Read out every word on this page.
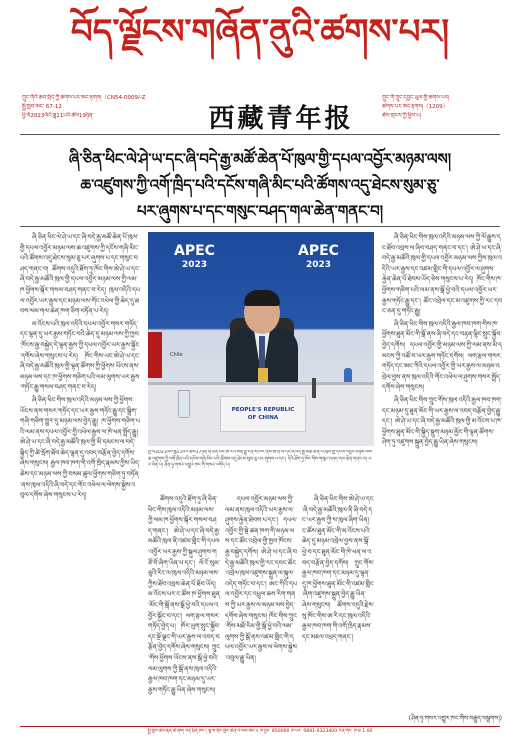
བོད་ལྗོངས་གཞོན་ནུའི་ཚགས་པར།
ཀྲུང་གོའི་ཆབ་སྲིད་ཀྱི་ཚགས་པར་ཨང་རྟགས།（CN54-0009/-Z
སྤྱི་ཁྱབ་ཨང་ 67-12
ཕྱི་ལོ2023ལོའི་ཟླ11པའི་ཚེས19ཉིན་	西藏青年报
ཀྲུང་གོ་ཀྲུང་དབྱང་ཡུལ་གྱི་ཚགས་པར།
ཚགས་པར་ཨང་རྟགས།（1209）
ཚེས་གྲངས་ཀྱི་ཕྱིས་པ།
ཞི་ཅིན་ཕིང་ལེ་ཤེ་ཡ་དང་ཞི་བདེ་རྒྱ་མཚོ་ཆེན་པོ་ཁུལ་གྱི་དཔལ་འབྱོར་མཉམ་ལས།
ཆ་འཛུགས་ཀྱི་འགོ་ཁྲིད་པའི་དངོས་གཞི་མིང་པའི་ཚོགས་འདུ་ཐེངས་སུམ་ཅུ་
པར་ཞུགས་པ་དང་གསུང་བཤད་གལ་ཆེན་གནང་བ།

ཞི་ཅིན་ཕིང་ལེ་ཤེ་ཡ་དང་ཞི་བདེ་རྒྱ་མཚོ་ཆེན་པོ་ཁུལ་གྱི་དཔལ་འབྱོར་མཉམ་ལས་ཆ་འཛུགས་ཀྱི་དངོས་གཞི་མིང་པའི་ཚོགས་འདུ་ཐེངས་སུམ་ཅུ་པར་ཞུགས་པ་དང་གསུང་བཤད་གནང་བ། ཚོགས་འདུའི་ཐོག་ཏུ་ཁོང་གིས་ཨེ་ཤེ་ཡ་དང་ཞི་བདེ་རྒྱ་མཚོའི་ཁུལ་གྱི་དཔལ་འབྱོར་མཉམ་ལས་ཀྱི་ལམ་ཁ་ཕྱོགས་སྐོར་གསལ་བཤད་གནང་བ་རེད། ཁུལ་འདིའི་དཔལ་འབྱོར་ཡར་རྒྱས་དང་མཉམ་ལས་གོང་འཕེལ་གྱི་ཆེད་དུ་ཐབས་ལམ་གལ་ཆེན་ཁག་ཅིག་བཏོན་པ་རེད།

མ་འོངས་པའི་ཁུལ་འདིའི་དཔལ་འབྱོར་གསར་གཏོད་དང་ལྷན་དུ་ཡར་རྒྱས་གཏོང་བའི་ཆེད་དུ་མཉམ་ལས་ཀྱི་ཁྱབ་ཁོངས་རྒྱ་བསྐྱེད་དེ་ལྷན་རྒྱས་ཀྱི་དཔལ་འབྱོར་ཡར་རྒྱས་སྐྱོང་དགོས་ཞེས་གསུངས་པ་རེད། ཁོང་གིས་ཡང་ཨེ་ཤེ་ཡ་དང་ཞི་བདེ་རྒྱ་མཚོའི་ཁུལ་གྱི་ལྷན་ཚོགས་ཀྱི་ཕྱོགས་ཡོངས་ནས་མཉམ་ལས་དང་ཁ་ཕྱོགས་གཅིག་པའི་ལམ་ལུགས་ཡར་རྒྱས་གཏོང་རྒྱུ་གསལ་བཤད་གནང་བ་རེད།

ཞི་ཅིན་ཕིང་གིས་ཁུལ་འདིའི་མཉམ་ལས་ཀྱི་ཕྱོགས་ཡོངས་ནས་གསར་གཏོད་དང་ཡར་རྒྱས་གཏོང་རྒྱུ་དང་སྒྲིག་གཞི་གཅིག་གྱུར་དུ་མཉམ་ལས་བྱེད་རྒྱུ། ཁ་ཕྱོགས་གཅིག་པའི་ལམ་ནས་དཔལ་འབྱོར་གྱི་འཕེལ་རྒྱས་ལ་ཁེ་ཕན་སྤྲོད་རྒྱུ། ཨེ་ཤེ་ཡ་དང་ཞི་བདེ་རྒྱ་མཚོའི་ཁུལ་གྱི་མི་དམངས་ལ་བདེ་སྐྱིད་ཀྱི་ཚེ་སྲོག་ཐོབ་ཆེད་ལྷན་དུ་འབད་བརྩོན་བྱེད་དགོས་ཞེས་གསུངས། རྒྱལ་ཁབ་ཁག་གི་འགོ་ཁྲིད་རྣམས་ཀྱིས་ཡིད་ཆེས་དང་མཉམ་ལས་ཀྱི་བསམ་ཚུལ་ཕྱོགས་གཅིག་ཏུ་བཏོན་ནས་ཁུལ་འདིའི་ཞི་བདེ་དང་གོང་འཕེལ་ལ་ལེགས་སྐྱེས་འབུལ་དགོས་ཞེས་གསུངས་པ་རེད།

APEC
2023
APEC
2023
Chile
PEOPLE'S REPUBLIC
OF CHINA
ཕྱི་ལོ2023ལོའི་ཟླ11པའི་ཚེས17ཉིན་ཞི་ཅིན་ཕིང་ཨ་རིའི་སན་ཧྥུ་རན་སི་ཁོར་ནས་ཨེ་ཤེ་ཡ་དང་ཞི་བདེ་རྒྱ་མཚོ་ཆེན་པོ་ཁུལ་གྱི་དཔལ་འབྱོར་མཉམ་ལས་ཆ་འཛུགས་ཀྱི་འགོ་ཁྲིད་པའི་དངོས་གཞི་མིང་པའི་ཚོགས་འདུ་ཐེངས་སུམ་ཅུ་པར་ཞུགས་པ་དང་། དེའི་ཐོག་ཏུ་ཁོང་གིས་གསུང་བཤད་གལ་ཆེན་གནང་བ། པར་ལེན་པ། ཤིན་ཧྭ་གསར་འགྱུར་ཁང་གི་གསར་འགོད་པ།

ཞི་ཅིན་ཕིང་གིས་ཁུལ་འདིའི་མཉམ་ལས་ཀྱི་ལོ་རྒྱུས་དང་ཐོབ་འབྲས་ལ་ཞིབ་བཤད་གནང་བ་དང་། ཨེ་ཤེ་ཡ་དང་ཞི་བདེ་རྒྱ་མཚོའི་ཁུལ་གྱི་དཔལ་འབྱོར་མཉམ་ལས་ཀྱིས་ཁུལ་འདིའི་ཡར་རྒྱས་དང་འཛམ་གླིང་གི་དཔལ་འབྱོར་ལ་ཤུགས་རྐྱེན་ཆེན་པོ་ཐེབས་ཡོད་ཅེས་གསུངས་པ་རེད། ཁོང་གིས་ཁ་ཕྱོགས་གཅིག་པའི་ལམ་ནས་སྒོ་ཕྱེ་བའི་དཔལ་འབྱོར་ཡར་རྒྱས་གཏོང་རྒྱུ་དང་། ཚོང་འབྲེལ་དང་མ་འཛུགས་ཀྱི་རང་དབང་ཅན་དུ་གཏོང་རྒྱུ།

ཞི་ཅིན་ཕིང་གིས་ཁུལ་འདིའི་རྒྱལ་ཁབ་ཁག་གིས་ཁ་ཕྱོགས་ཐུན་མོང་གི་སྒོ་ནས་ཞི་བདེ་དང་བརྟན་ལྷིང་སྲུང་སྐྱོབ་བྱེད་དགོས། དཔལ་འབྱོར་གྱི་མཉམ་ལས་ཀྱི་ལམ་ནས་མི་དམངས་ཀྱི་འཚོ་བ་ཡར་རྒྱས་གཏོང་དགོས། ལག་རྩལ་གསར་གཏོད་དང་ཨང་ཀིའི་དཔལ་འབྱོར་གྱི་ཡར་རྒྱས་ལ་མཉམ་འབྲེལ་བྱས་ནས་ཁུལ་འདིའི་གོང་འཕེལ་ལ་ཤུགས་གསར་སྤྲོད་དགོས་ཞེས་གསུངས།

ཞི་ཅིན་ཕིང་གིས་ཀྲུང་གོས་ཁུལ་འདིའི་རྒྱལ་ཁབ་ཁག་དང་མཉམ་དུ་ཐུན་མོང་གི་ཡར་རྒྱས་ལ་འབད་བརྩོན་བྱེད་རྒྱུ་དང་། ཨེ་ཤེ་ཡ་དང་ཞི་བདེ་རྒྱ་མཚོའི་ཁུལ་གྱི་མ་འོངས་པ་ཁ་ཕྱོགས་ཐུན་མོང་གི་སྐྱིད་སྡུག་མཉམ་མྱོང་གི་ལྷན་ཚོགས་ཤིག་ཏུ་འཛུགས་སྐྲུན་བྱེད་རྒྱུ་ཡིན་ཞེས་གསུངས།

ཚོགས་འདུའི་ཐོག་ཏུ་ཞི་ཅིན་ཕིང་གིས་ཁུལ་འདིའི་མཉམ་ལས་ཀྱི་ལམ་ཁ་ཕྱོགས་སྐོར་གསལ་བཤད་གནང་། ཨེ་ཤེ་ཡ་དང་ཞི་བདེ་རྒྱ་མཚོའི་ཁུལ་ནི་འཛམ་གླིང་གི་དཔལ་འབྱོར་ཡར་རྒྱས་ཀྱི་སྐུལ་ཤུགས་གཙོ་བོ་ཞིག་ཡིན་པ་དང་། ལོ་ངོ་སུམ་ཅུའི་རིང་ལ་ཁུལ་འདིའི་མཉམ་ལས་ཀྱིས་ཐོབ་འབྲས་ཆེན་པོ་ཐོབ་ཡོད། མ་འོངས་པར་ང་ཚོས་ཁ་ཕྱོགས་ཐུན་མོང་གི་སྒོ་ནས་སྒོ་ཕྱེ་བའི་དཔལ་འབྱོར་སྐྱོང་བ་དང་། ལག་རྩལ་གསར་གཏོད་བྱེད་པ། ཁོར་ཡུག་སྲུང་སྐྱོབ་དང་སྔོ་ལྗང་གི་ཡར་རྒྱས་ལ་འབད་བརྩོན་བྱེད་དགོས་ཞེས་གསུངས། ཀྲུང་གོས་ཕྱོགས་ཡོངས་ནས་སྒོ་ཕྱེ་བའི་ལམ་ལུགས་ཀྱི་སྒོ་ནས་ཁུལ་འདིའི་རྒྱལ་ཁབ་ཁག་དང་མཉམ་དུ་ཡར་རྒྱས་གཏོང་རྒྱུ་ཡིན་ཞེས་གསུངས།

དཔལ་འབྱོར་མཉམ་ལས་ཀྱི་ལམ་ནས་ཁུལ་འདིའི་ཡར་རྒྱས་ལ་ཤུགས་རྐྱེན་ཐེབས་པ་དང་། དཔལ་འབྱོར་གྱི་སྡེ་ཚན་ཁག་གི་མཉམ་ལས་དང་ཚོང་འབྲེལ་གྱི་ཁྱབ་ཁོངས་རྒྱ་བསྐྱེད་དགོས། ཨེ་ཤེ་ཡ་དང་ཞི་བདེ་རྒྱ་མཚོའི་ཁུལ་གྱི་རང་དབང་ཚོང་འབྲེལ་ཁུལ་འཛུགས་སྐྲུན་ལ་སྐུལ་འདེད་གཏོང་བ་དང་། ཨང་ཀིའི་དཔལ་འབྱོར་དང་འཕྲུལ་ཆས་རིག་གནས་ཀྱི་ཡར་རྒྱས་ལ་མཉམ་ལས་བྱེད་དགོས་ཞེས་གསུངས། ཁོང་གིས་ཀྲུང་གོས་མཐོ་རིམ་གྱི་སྒོ་ཕྱེ་བའི་ལམ་ལུགས་ཀྱི་སྒོ་ནས་འཛམ་གླིང་གི་དཔལ་འབྱོར་ཡར་རྒྱས་ལ་ལེགས་སྐྱེས་འབུལ་རྒྱུ་ཡིན།

ཞི་ཅིན་ཕིང་གིས་ཨེ་ཤེ་ཡ་དང་ཞི་བདེ་རྒྱ་མཚོའི་ཁུལ་ནི་ཞི་བདེ་དང་ཡར་རྒྱས་ཀྱི་ས་ཁུལ་ཞིག་ཡིན། ང་ཚོས་ཐུན་མོང་གི་མ་འོངས་པའི་ཆེད་དུ་མཉམ་འབྲེལ་བྱས་ནས་སྒོ་ཕྱེ་བ་དང་ཐུན་མོང་གི་ཁེ་ཕན་ལ་འབད་བརྩོན་བྱེད་དགོས། ཀྲུང་གོས་རྒྱལ་ཁབ་ཁག་དང་མཉམ་དུ་ལྷན་དུ་ཁ་ཕྱོགས་ཐུན་མོང་གི་འཛམ་གླིང་ཞིག་འཛུགས་སྐྲུན་བྱེད་རྒྱུ་ཡིན་ཞེས་གསུངས། ཚོགས་འདུའི་རྗེས་སུ་ཁོང་གིས་ཨ་རི་དང་ཁུལ་འདིའི་རྒྱལ་ཁབ་ཁག་གི་འགོ་ཁྲིད་རྣམས་དང་མཇལ་འཕྲད་གནང་།

(ཤིན་ཧྭ་གསར་འགྱུར་ཁང་གིས་བརྒྱུད་བསྒྲགས།)
སྤྱི་ཁྱབ་ཚབ་རྒན་ཆེ་ཤོས། བརྡ་ཕྲིན་ཁང་། ལྷ་ས་གྲོང་ཁྱེར་ཆེན་པོ་ལམ་ཨང་༣ ཁ་བྱང་ 850000 ཁ་པར་ 0891-6323400 རིན་གོང་ ཁ་ཐ 1.00
